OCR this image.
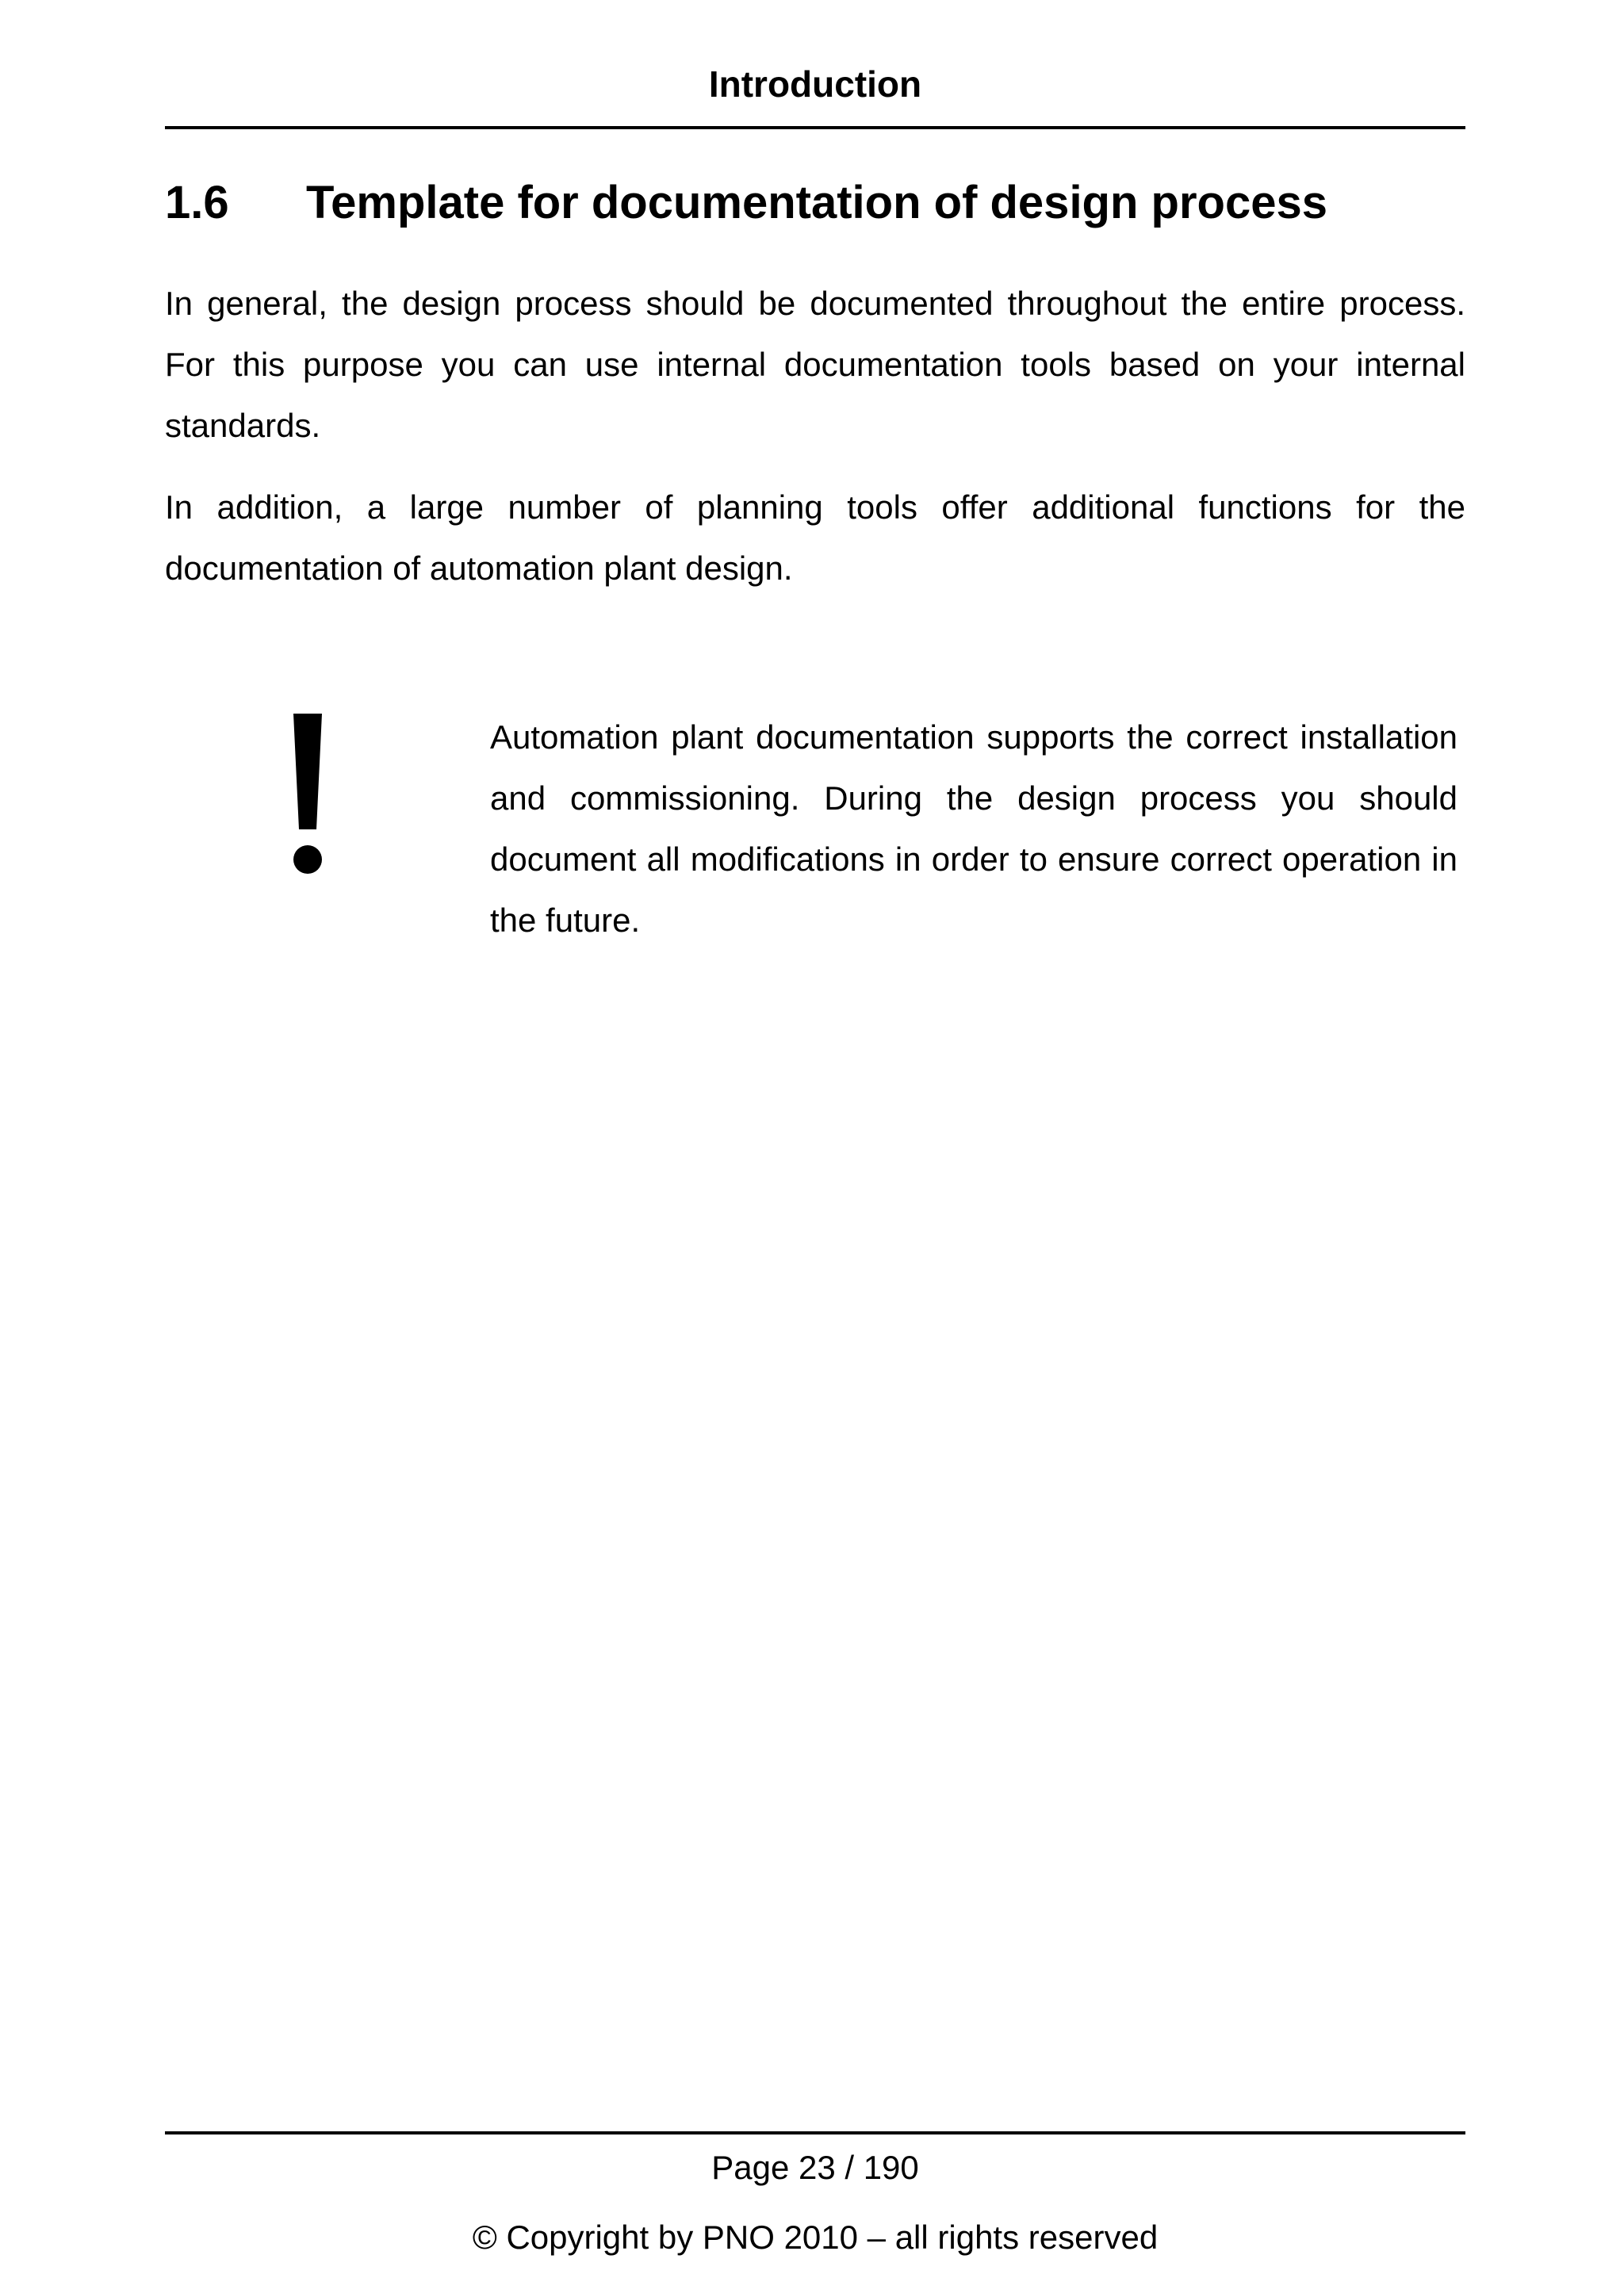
Introduction
1.6 Template for documentation of design process

In general, the design process should be documented throughout the entire process. For this purpose you can use internal documentation tools based on your internal standards.

In addition, a large number of planning tools offer additional functions for the documentation of automation plant design.

Automation plant documentation supports the correct installation and commissioning. During the design process you should document all modifications in order to ensure correct operation in the future.

Page 23 / 190
© Copyright by PNO 2010 – all rights reserved
